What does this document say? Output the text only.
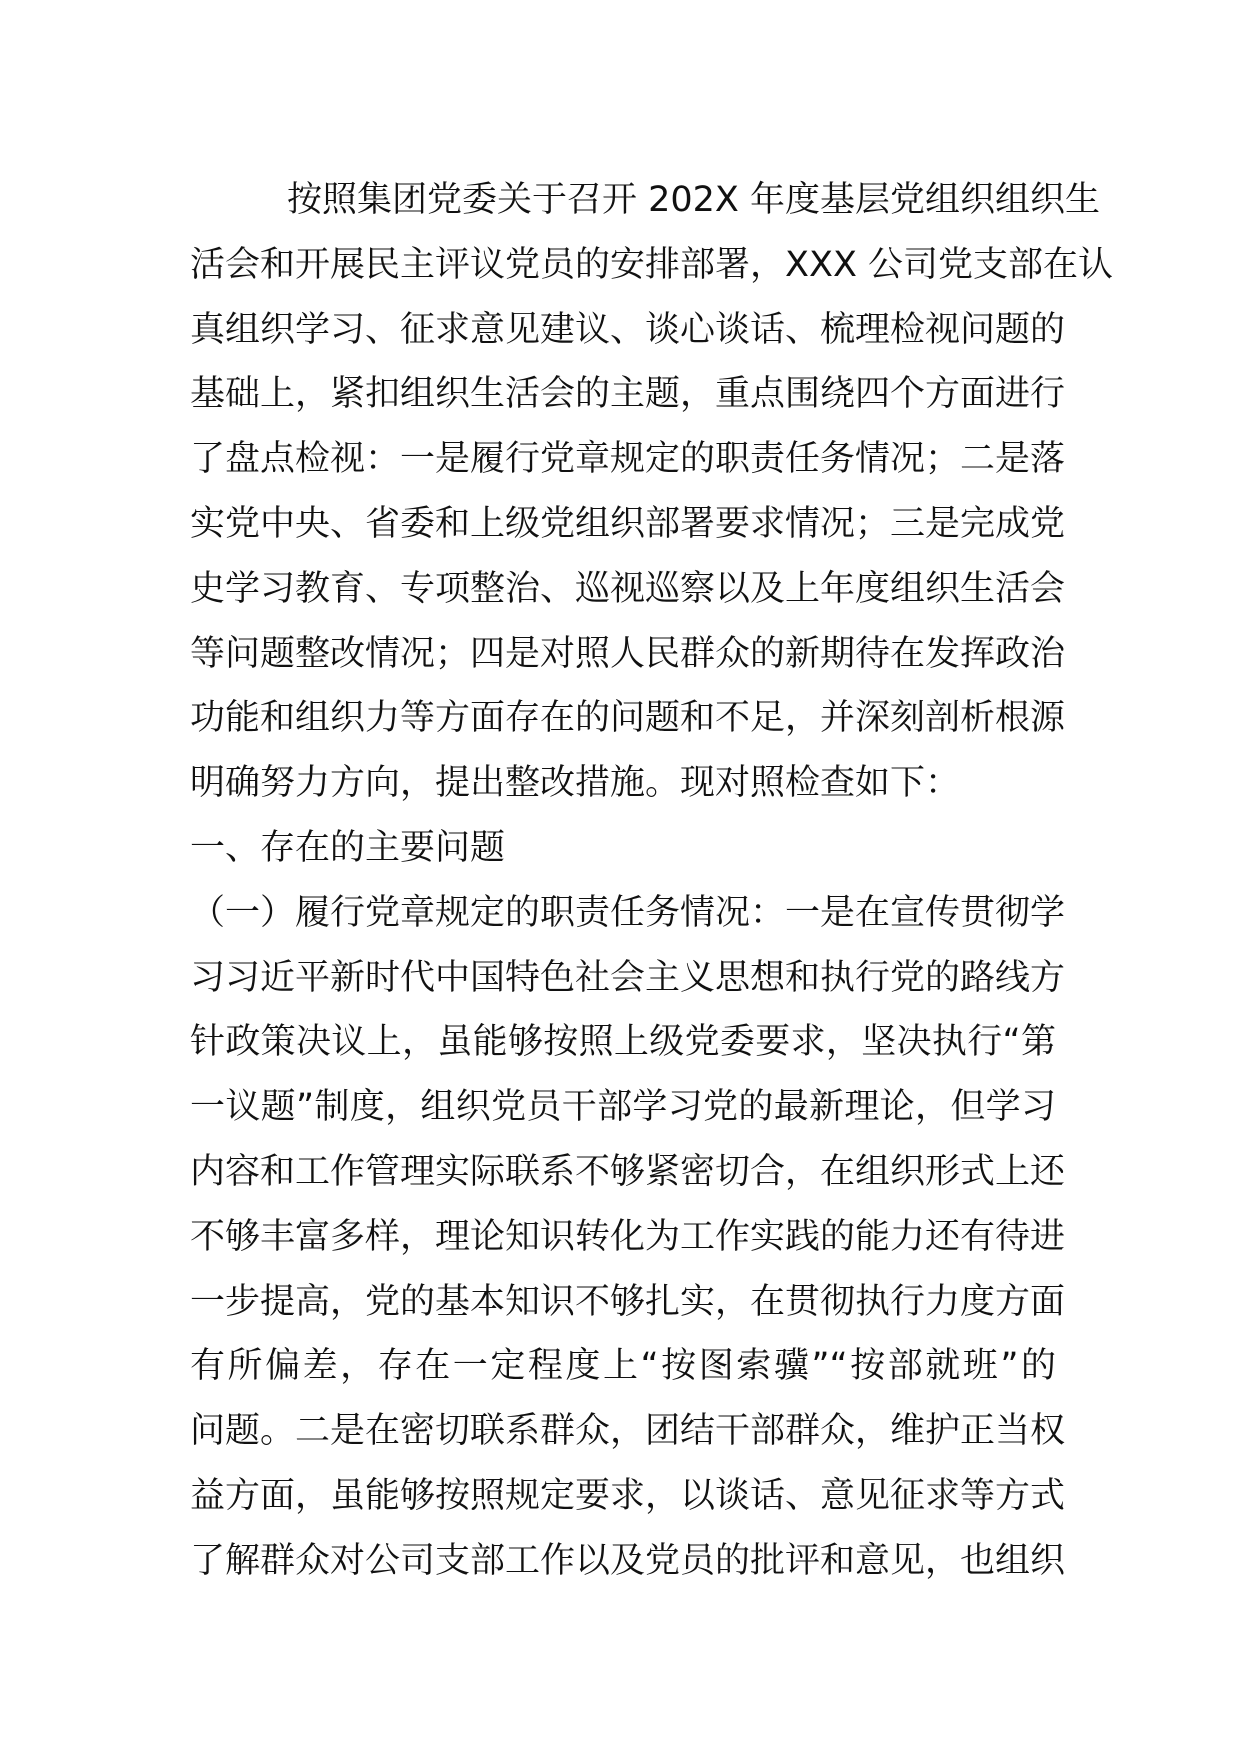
按照集团党委关于召开 202X 年度基层党组织组织生
活会和开展民主评议党员的安排部署，XXX 公司党支部在认
真组织学习、征求意见建议、谈心谈话、梳理检视问题的
基础上，紧扣组织生活会的主题，重点围绕四个方面进行
了盘点检视：一是履行党章规定的职责任务情况；二是落
实党中央、省委和上级党组织部署要求情况；三是完成党
史学习教育、专项整治、巡视巡察以及上年度组织生活会
等问题整改情况；四是对照人民群众的新期待在发挥政治
功能和组织力等方面存在的问题和不足，并深刻剖析根源
明确努力方向，提出整改措施。现对照检查如下：
一、存在的主要问题
（一）履行党章规定的职责任务情况：一是在宣传贯彻学
习习近平新时代中国特色社会主义思想和执行党的路线方
针政策决议上，虽能够按照上级党委要求，坚决执行“第
一议题”制度，组织党员干部学习党的最新理论，但学习
内容和工作管理实际联系不够紧密切合，在组织形式上还
不够丰富多样，理论知识转化为工作实践的能力还有待进
一步提高，党的基本知识不够扎实，在贯彻执行力度方面
有所偏差，存在一定程度上“按图索骥”“按部就班”的
问题。二是在密切联系群众，团结干部群众，维护正当权
益方面，虽能够按照规定要求，以谈话、意见征求等方式
了解群众对公司支部工作以及党员的批评和意见，也组织
